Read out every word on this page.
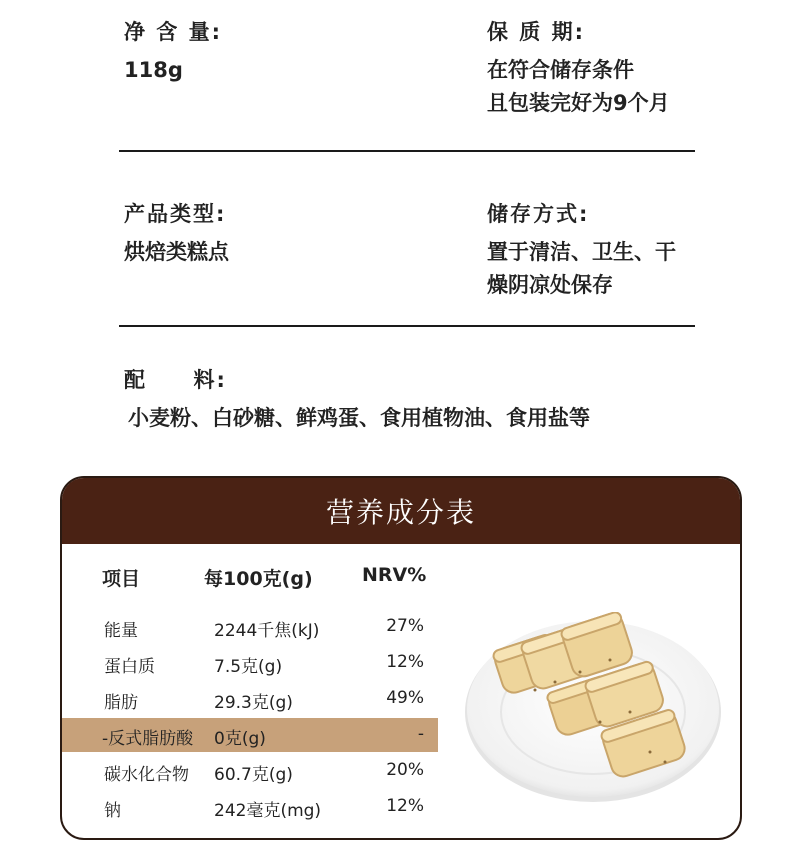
净 含 量:
118g
保 质 期:
在符合储存条件
且包装完好为9个月
产品类型:
烘焙类糕点
储存方式:
置于清洁、卫生、干
燥阴凉处保存
配     料:
小麦粉、白砂糖、鲜鸡蛋、食用植物油、食用盐等
营养成分表
项目	每100克(g)	NRV%
能量	2244千焦(kJ)	27%
蛋白质	7.5克(g)	12%
脂肪	29.3克(g)	49%
-反式脂肪酸 0克(g)	-
碳水化合物 60.7克(g)	20%
钠	242毫克(mg)	12%
